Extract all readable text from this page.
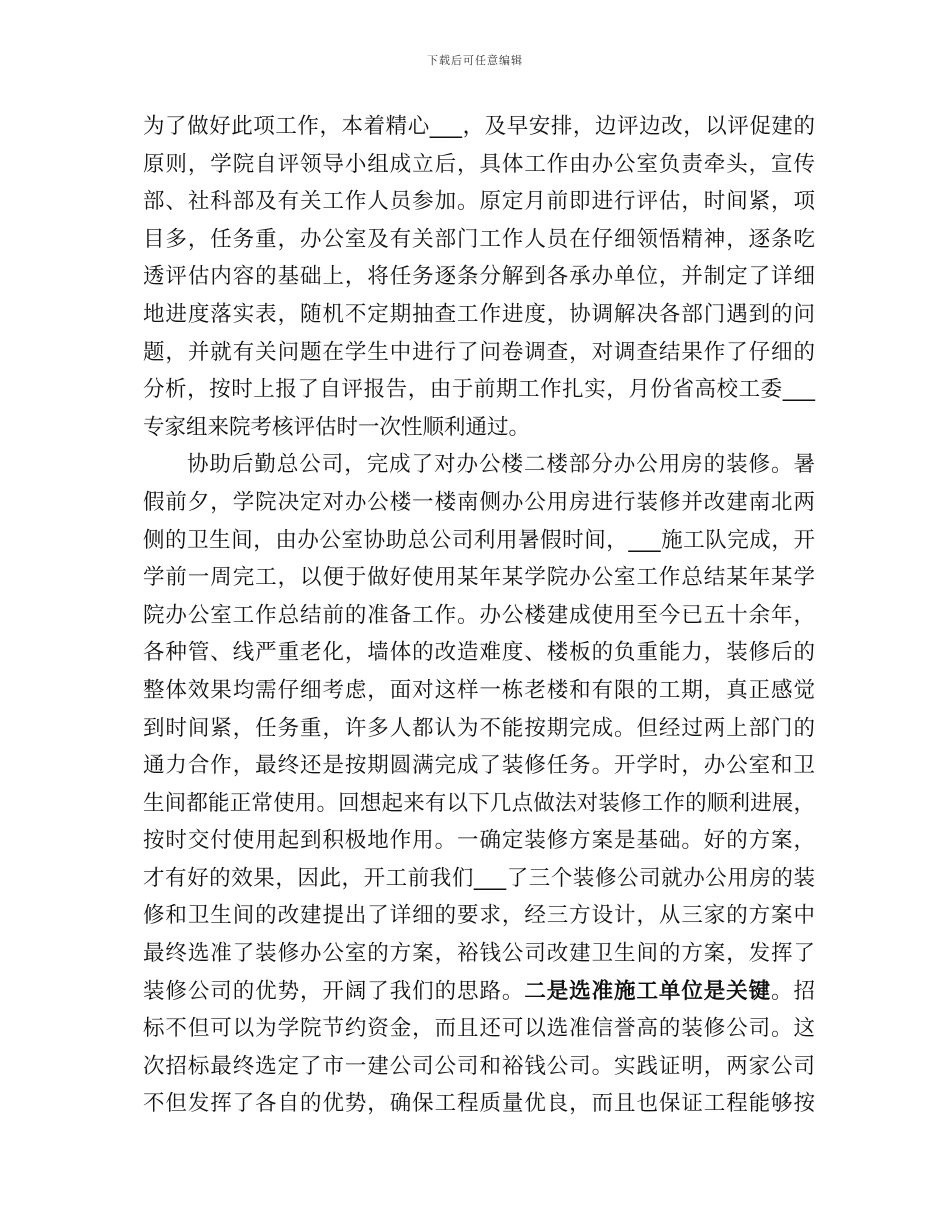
下载后可任意编辑
为了做好此项工作，本着精心___，及早安排，边评边改，以评促建的
原则，学院自评领导小组成立后，具体工作由办公室负责牵头，宣传
部、社科部及有关工作人员参加。原定月前即进行评估，时间紧，项
目多，任务重，办公室及有关部门工作人员在仔细领悟精神，逐条吃
透评估内容的基础上，将任务逐条分解到各承办单位，并制定了详细
地进度落实表，随机不定期抽查工作进度，协调解决各部门遇到的问
题，并就有关问题在学生中进行了问卷调查，对调查结果作了仔细的
分析，按时上报了自评报告，由于前期工作扎实，月份省高校工委___
专家组来院考核评估时一次性顺利通过。
协助后勤总公司，完成了对办公楼二楼部分办公用房的装修。暑
假前夕，学院决定对办公楼一楼南侧办公用房进行装修并改建南北两
侧的卫生间，由办公室协助总公司利用暑假时间，___施工队完成，开
学前一周完工，以便于做好使用某年某学院办公室工作总结某年某学
院办公室工作总结前的准备工作。办公楼建成使用至今已五十余年，
各种管、线严重老化，墙体的改造难度、楼板的负重能力，装修后的
整体效果均需仔细考虑，面对这样一栋老楼和有限的工期，真正感觉
到时间紧，任务重，许多人都认为不能按期完成。但经过两上部门的
通力合作，最终还是按期圆满完成了装修任务。开学时，办公室和卫
生间都能正常使用。回想起来有以下几点做法对装修工作的顺利进展，
按时交付使用起到积极地作用。一确定装修方案是基础。好的方案，
才有好的效果，因此，开工前我们___了三个装修公司就办公用房的装
修和卫生间的改建提出了详细的要求，经三方设计，从三家的方案中
最终选准了装修办公室的方案，裕钱公司改建卫生间的方案，发挥了
装修公司的优势，开阔了我们的思路。二是选准施工单位是关键。招
标不但可以为学院节约资金，而且还可以选准信誉高的装修公司。这
次招标最终选定了市一建公司公司和裕钱公司。实践证明，两家公司
不但发挥了各自的优势，确保工程质量优良，而且也保证工程能够按
